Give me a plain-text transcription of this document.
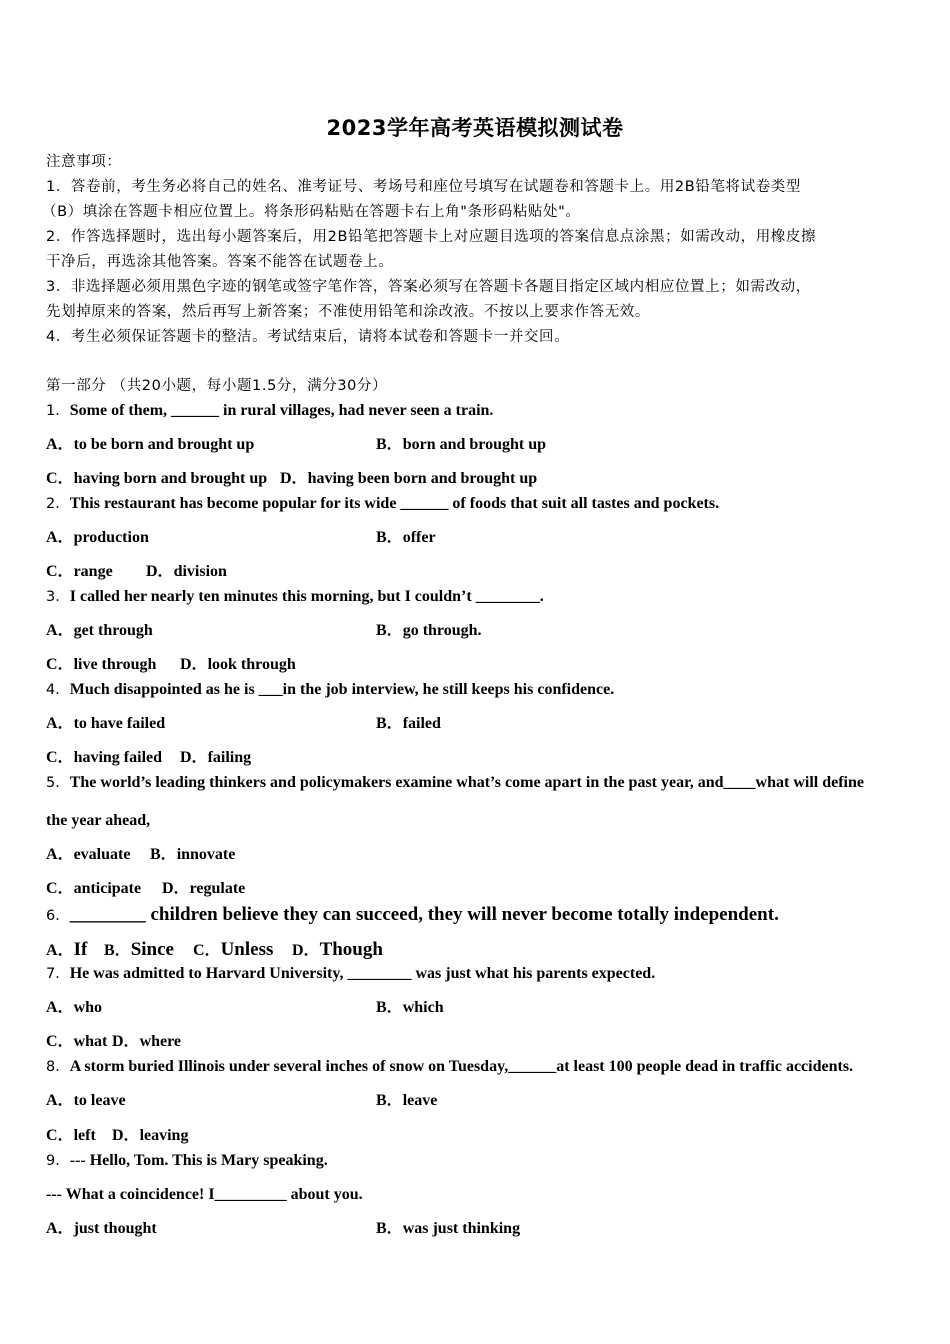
2023学年高考英语模拟测试卷
注意事项：
1．答卷前，考生务必将自己的姓名、准考证号、考场号和座位号填写在试题卷和答题卡上。用2B铅笔将试卷类型
（B）填涂在答题卡相应位置上。将条形码粘贴在答题卡右上角"条形码粘贴处"。
2．作答选择题时，选出每小题答案后，用2B铅笔把答题卡上对应题目选项的答案信息点涂黑；如需改动，用橡皮擦
干净后，再选涂其他答案。答案不能答在试题卷上。
3．非选择题必须用黑色字迹的钢笔或签字笔作答，答案必须写在答题卡各题目指定区域内相应位置上；如需改动，
先划掉原来的答案，然后再写上新答案；不准使用铅笔和涂改液。不按以上要求作答无效。
4．考生必须保证答题卡的整洁。考试结束后，请将本试卷和答题卡一并交回。
第一部分 （共20小题，每小题1.5分，满分30分）
1．Some of them, ______ in rural villages, had never seen a train.
A．to be born and brought up	B．born and brought up
C．having born and brought up D．having been born and brought up
2．This restaurant has become popular for its wide ______ of foods that suit all tastes and pockets.
A．production	B．offer
C．range D．division
3．I called her nearly ten minutes this morning, but I couldn’t ________.
A．get through	B．go through.
C．live through D．look through
4．Much disappointed as he is ___in the job interview, he still keeps his confidence.
A．to have failed	B．failed
C．having failed D．failing
5．The world’s leading thinkers and policymakers examine what’s come apart in the past year, and____what will define
the year ahead,
A．evaluate B．innovate
C．anticipate D．regulate
6．________ children believe they can succeed, they will never become totally independent.
A．If B．Since C．Unless D．Though
7．He was admitted to Harvard University, ________ was just what his parents expected.
A．who	B．which
C．what D．where
8．A storm buried Illinois under several inches of snow on Tuesday,______at least 100 people dead in traffic accidents.
A．to leave	B．leave
C．left D．leaving
9．--- Hello, Tom. This is Mary speaking.
--- What a coincidence! I_________ about you.
A．just thought	B．was just thinking
